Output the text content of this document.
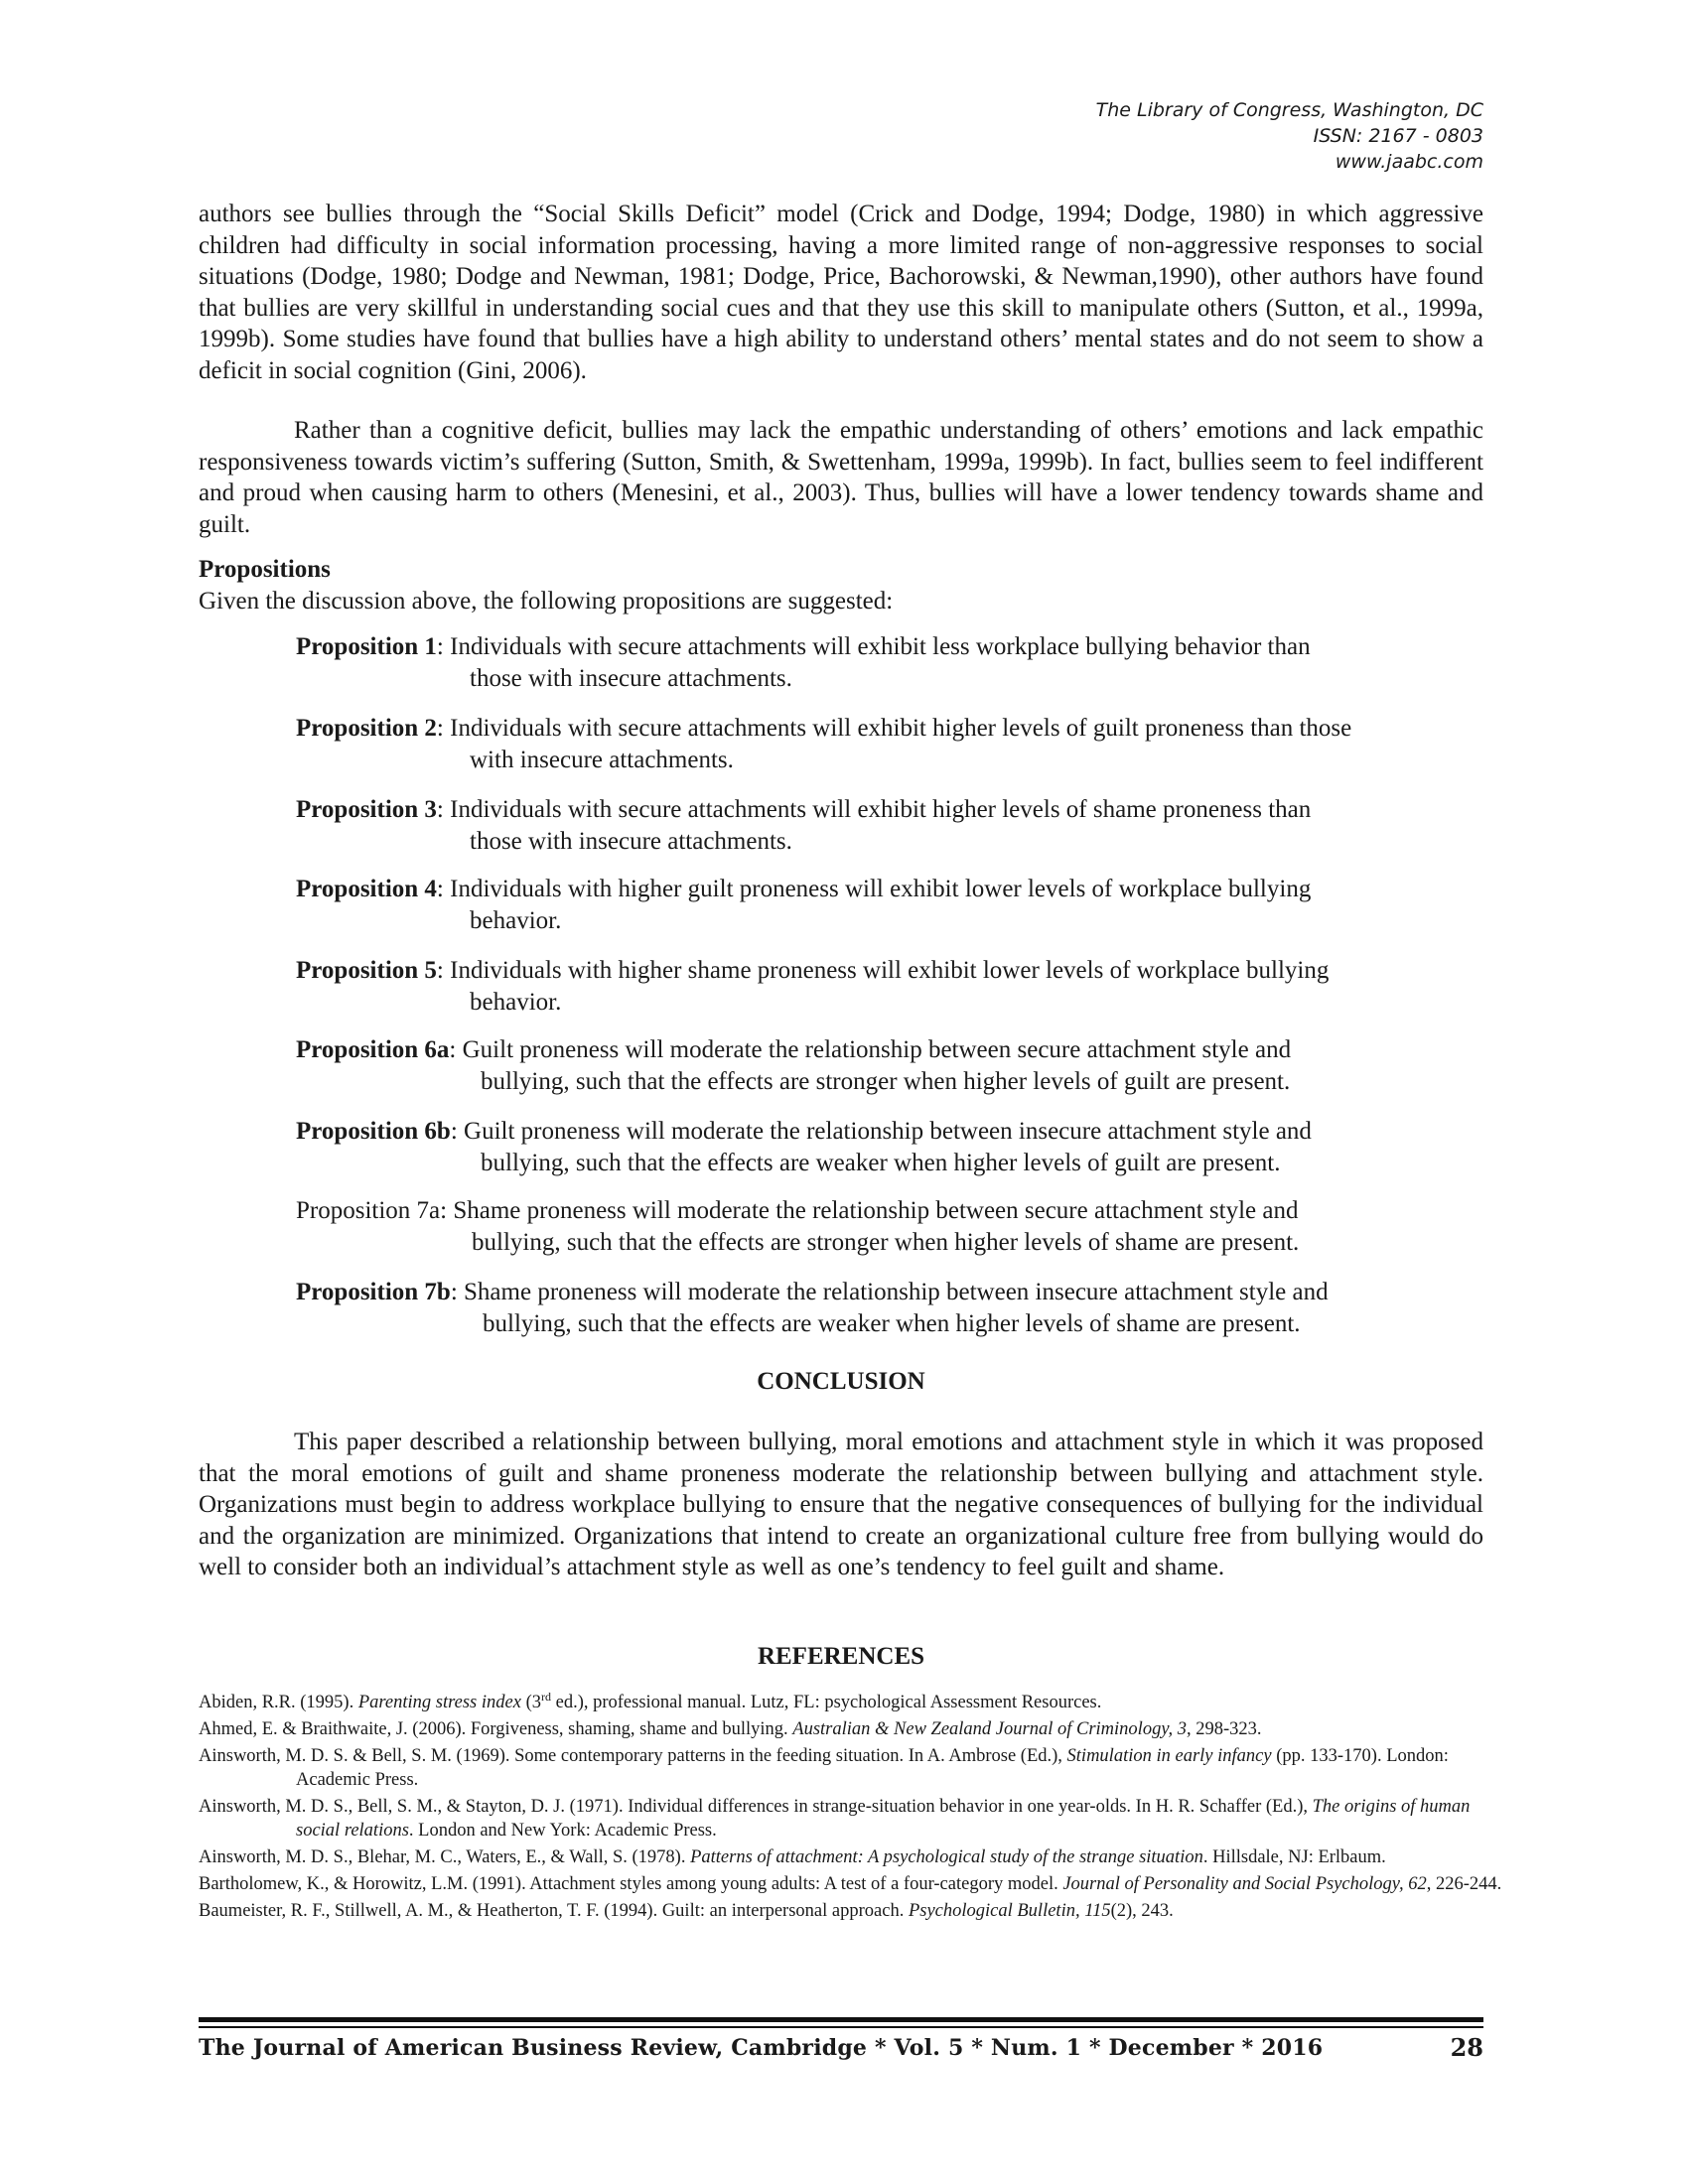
The Library of Congress, Washington, DC
ISSN: 2167 - 0803
www.jaabc.com

authors see bullies through the “Social Skills Deficit” model (Crick and Dodge, 1994; Dodge, 1980) in which aggressive children had difficulty in social information processing, having a more limited range of non-aggressive responses to social situations (Dodge, 1980; Dodge and Newman, 1981; Dodge, Price, Bachorowski, & Newman,1990), other authors have found that bullies are very skillful in understanding social cues and that they use this skill to manipulate others (Sutton, et al., 1999a, 1999b). Some studies have found that bullies have a high ability to understand others’ mental states and do not seem to show a deficit in social cognition (Gini, 2006).

Rather than a cognitive deficit, bullies may lack the empathic understanding of others’ emotions and lack empathic responsiveness towards victim’s suffering (Sutton, Smith, & Swettenham, 1999a, 1999b). In fact, bullies seem to feel indifferent and proud when causing harm to others (Menesini, et al., 2003). Thus, bullies will have a lower tendency towards shame and guilt.

Propositions
Given the discussion above, the following propositions are suggested:
Proposition 1: Individuals with secure attachments will exhibit less workplace bullying behavior than
those with insecure attachments.
Proposition 2: Individuals with secure attachments will exhibit higher levels of guilt proneness than those
with insecure attachments.
Proposition 3: Individuals with secure attachments will exhibit higher levels of shame proneness than
those with insecure attachments.
Proposition 4: Individuals with higher guilt proneness will exhibit lower levels of workplace bullying
behavior.
Proposition 5: Individuals with higher shame proneness will exhibit lower levels of workplace bullying
behavior.
Proposition 6a: Guilt proneness will moderate the relationship between secure attachment style and
bullying, such that the effects are stronger when higher levels of guilt are present.
Proposition 6b: Guilt proneness will moderate the relationship between insecure attachment style and
bullying, such that the effects are weaker when higher levels of guilt are present.
Proposition 7a: Shame proneness will moderate the relationship between secure attachment style and
bullying, such that the effects are stronger when higher levels of shame are present.
Proposition 7b: Shame proneness will moderate the relationship between insecure attachment style and
bullying, such that the effects are weaker when higher levels of shame are present.
CONCLUSION

This paper described a relationship between bullying, moral emotions and attachment style in which it was proposed that the moral emotions of guilt and shame proneness moderate the relationship between bullying and attachment style. Organizations must begin to address workplace bullying to ensure that the negative consequences of bullying for the individual and the organization are minimized. Organizations that intend to create an organizational culture free from bullying would do well to consider both an individual’s attachment style as well as one’s tendency to feel guilt and shame.

REFERENCES
Abiden, R.R. (1995). Parenting stress index (3rd ed.), professional manual. Lutz, FL: psychological Assessment Resources.
Ahmed, E. & Braithwaite, J. (2006). Forgiveness, shaming, shame and bullying. Australian & New Zealand Journal of Criminology, 3, 298-323.
Ainsworth, M. D. S. & Bell, S. M. (1969). Some contemporary patterns in the feeding situation. In A. Ambrose (Ed.), Stimulation in early infancy (pp. 133-170). London: Academic Press.
Ainsworth, M. D. S., Bell, S. M., & Stayton, D. J. (1971). Individual differences in strange-situation behavior in one year-olds. In H. R. Schaffer (Ed.), The origins of human social relations. London and New York: Academic Press.
Ainsworth, M. D. S., Blehar, M. C., Waters, E., & Wall, S. (1978). Patterns of attachment: A psychological study of the strange situation. Hillsdale, NJ: Erlbaum.
Bartholomew, K., & Horowitz, L.M. (1991). Attachment styles among young adults: A test of a four-category model. Journal of Personality and Social Psychology, 62, 226-244.
Baumeister, R. F., Stillwell, A. M., & Heatherton, T. F. (1994). Guilt: an interpersonal approach. Psychological Bulletin, 115(2), 243.
The Journal of American Business Review, Cambridge * Vol. 5 * Num. 1 * December * 2016	28
